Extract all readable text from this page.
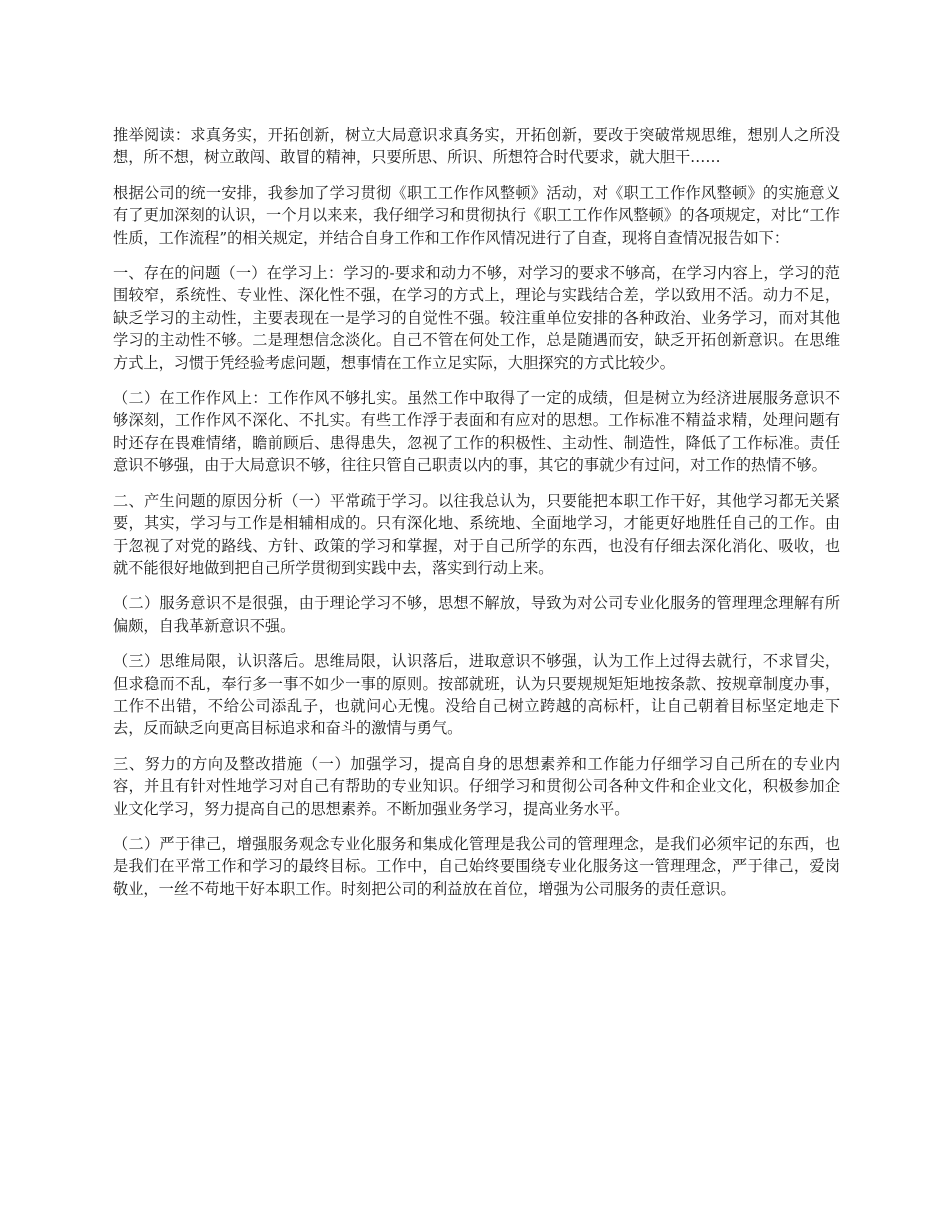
推举阅读：求真务实，开拓创新，树立大局意识求真务实，开拓创新，要改于突破常规思维，想别人之所没想，所不想，树立敢闯、敢冒的精神，只要所思、所识、所想符合时代要求，就大胆干……

根据公司的统一安排，我参加了学习贯彻《职工工作作风整顿》活动，对《职工工作作风整顿》的实施意义有了更加深刻的认识，一个月以来来，我仔细学习和贯彻执行《职工工作作风整顿》的各项规定，对比“工作性质，工作流程”的相关规定，并结合自身工作和工作作风情况进行了自查，现将自查情况报告如下：

一、存在的问题（一）在学习上：学习的-要求和动力不够，对学习的要求不够高，在学习内容上，学习的范围较窄，系统性、专业性、深化性不强，在学习的方式上，理论与实践结合差，学以致用不活。动力不足，缺乏学习的主动性，主要表现在一是学习的自觉性不强。较注重单位安排的各种政治、业务学习，而对其他学习的主动性不够。二是理想信念淡化。自己不管在何处工作，总是随遇而安，缺乏开拓创新意识。在思维方式上，习惯于凭经验考虑问题，想事情在工作立足实际，大胆探究的方式比较少。

（二）在工作作风上：工作作风不够扎实。虽然工作中取得了一定的成绩，但是树立为经济进展服务意识不够深刻，工作作风不深化、不扎实。有些工作浮于表面和有应对的思想。工作标准不精益求精，处理问题有时还存在畏难情绪，瞻前顾后、患得患失，忽视了工作的积极性、主动性、制造性，降低了工作标准。责任意识不够强，由于大局意识不够，往往只管自己职责以内的事，其它的事就少有过问，对工作的热情不够。

二、产生问题的原因分析（一）平常疏于学习。以往我总认为，只要能把本职工作干好，其他学习都无关紧要，其实，学习与工作是相辅相成的。只有深化地、系统地、全面地学习，才能更好地胜任自己的工作。由于忽视了对党的路线、方针、政策的学习和掌握，对于自己所学的东西，也没有仔细去深化消化、吸收，也就不能很好地做到把自己所学贯彻到实践中去，落实到行动上来。

（二）服务意识不是很强，由于理论学习不够，思想不解放，导致为对公司专业化服务的管理理念理解有所偏颇，自我革新意识不强。

（三）思维局限，认识落后。思维局限，认识落后，进取意识不够强，认为工作上过得去就行，不求冒尖，但求稳而不乱，奉行多一事不如少一事的原则。按部就班，认为只要规规矩矩地按条款、按规章制度办事，工作不出错，不给公司添乱子，也就问心无愧。没给自己树立跨越的高标杆，让自己朝着目标坚定地走下去，反而缺乏向更高目标追求和奋斗的激情与勇气。

三、努力的方向及整改措施（一）加强学习，提高自身的思想素养和工作能力仔细学习自己所在的专业内容，并且有针对性地学习对自己有帮助的专业知识。仔细学习和贯彻公司各种文件和企业文化，积极参加企业文化学习，努力提高自己的思想素养。不断加强业务学习，提高业务水平。

（二）严于律己，增强服务观念专业化服务和集成化管理是我公司的管理理念，是我们必须牢记的东西，也是我们在平常工作和学习的最终目标。工作中，自己始终要围绕专业化服务这一管理理念，严于律己，爱岗敬业，一丝不苟地干好本职工作。时刻把公司的利益放在首位，增强为公司服务的责任意识。
